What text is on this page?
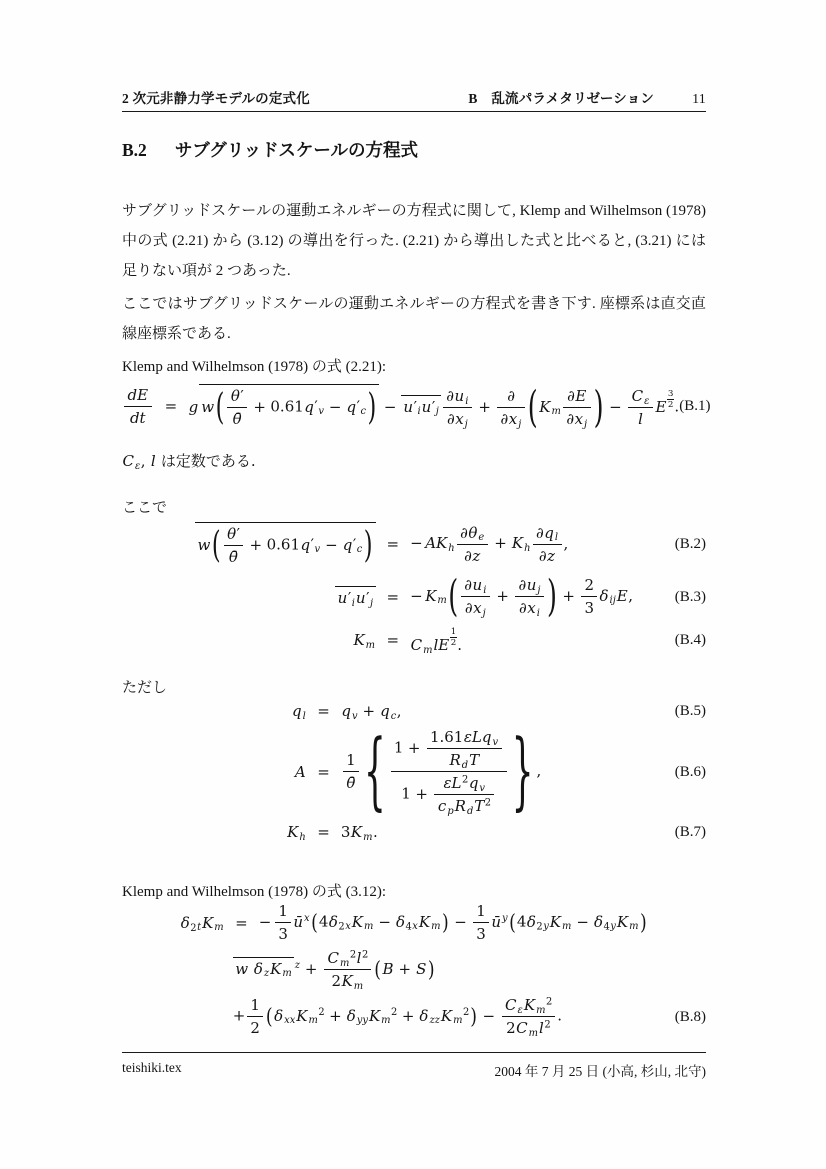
2 次元非静力学モデルの定式化	B　乱流パラメタリゼーション	11
B.2 サブグリッドスケールの方程式

サブグリッドスケールの運動エネルギーの方程式に関して, Klemp and Wilhelmson (1978) 中の式 (2.21) から (3.12) の導出を行った. (2.21) から導出した式と比べると, (3.21) には足りない項が 2 つあった.

ここではサブグリッドスケールの運動エネルギーの方程式を書き下す. 座標系は直交直線座標系である.

Klemp and Wilhelmson (1978) の式 (2.21):

$\frac{dE}{dt} = g$ $w( \frac{\theta'}{\thetā} + 0.61q'_v - q'_c) - u'_iu'_j \frac{\partial u_i}{\partial x_j}$ +
∂
$\partial x_j$ ( $K_m \frac{\partial E}{\partial x_j}$ ) − $\frac{C_\varepsilon}{l}$ E $\frac{3}{2}$ . (B.1)

$C_\varepsilon$, l は定数である.

ここで

$w( \frac{\theta'}{\thetā} + 0.61q'_v - q'_c)$ = − $AK_h \frac{\partial\theta_e}{\partial z} + K_h \frac{\partial q_l}{\partial z}$ ,	(B.2)
$u'_iu'_j$ = − $K_m( \frac{\partial u_i}{\partial x_j} + \frac{\partial u_j}{\partial x_i}$ ) + $\frac{2}{3} \delta_{ij}E$,	(B.3)
$K_m = C_mlE \frac{1}{2}$ .	(B.4)

ただし

$q_l = q_v + q_c$,	(B.5)
$A = \frac{1}{\thetā}$ { 1 +
1.61εLq$_v$
$R_dT$
1 +
$\varepsilon L^2q_v$
$c_pR_dT^2$ } ,	(B.6)
$K_h = 3K_m$.	(B.7)

Klemp and Wilhelmson (1978) の式 (3.12):

$\delta_{2t}K_m$ = − $\frac{1}{3}$ $ū^x(4\delta_{2x}K_m - \delta_{4x}K_m) - \frac{1}{3}$ $ū^y(4\delta_{2y}K_m - \delta_{4y}K_m)$
w $\delta_zK_m^z + \frac{C_m^2l^2}{2K_m}$ ( B + S)
+ $\frac{1}{2}$ ( $\delta_{xx}K_m^2 + \delta_{yy}K_m^2 + \delta_{zz}K_m^2$) −
$C_\varepsilon K_m^2$
$2C_ml^2$
.	(B.8)
teishiki.tex	2004 年 7 月 25 日 (小高, 杉山, 北守)
